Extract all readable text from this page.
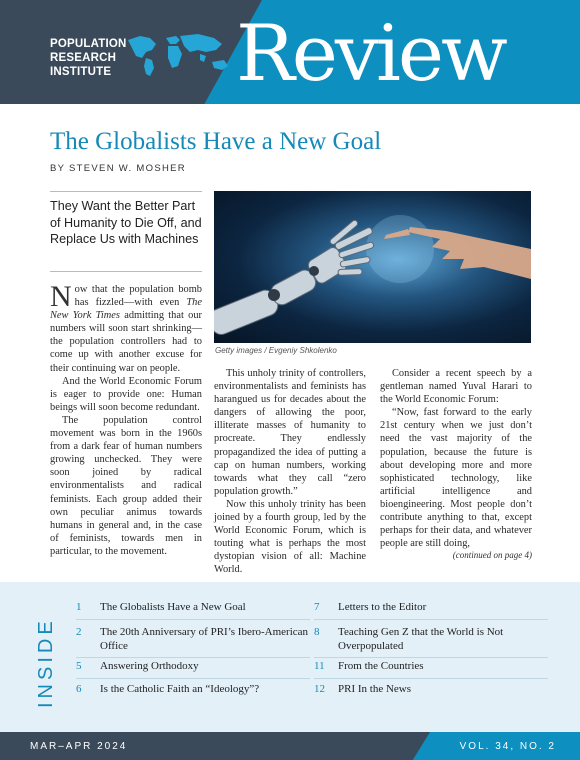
POPULATION
RESEARCH
INSTITUTE	Review
The Globalists Have a New Goal
BY STEVEN W. MOSHER
They Want the Better Part of Humanity to Die Off, and Replace Us with Machines
Getty images / Evgeniy Shkolenko

Now that the population bomb has fizzled—with even The New York Times admitting that our numbers will soon start shrinking—the population controllers had to come up with another excuse for their continuing war on people.

And the World Economic Forum is eager to provide one: Human beings will soon become redundant.

The population control movement was born in the 1960s from a dark fear of human numbers growing unchecked. They were soon joined by radical environmentalists and radical feminists. Each group added their own peculiar animus towards humans in general and, in the case of feminists, towards men in particular, to the movement.

This unholy trinity of controllers, environmentalists and feminists has harangued us for decades about the dangers of allowing the poor, illiterate masses of humanity to procreate. They endlessly propagandized the idea of putting a cap on human numbers, working towards what they call “zero population growth.”

Now this unholy trinity has been joined by a fourth group, led by the World Economic Forum, which is touting what is perhaps the most dystopian vision of all: Machine World.

Consider a recent speech by a gentleman named Yuval Harari to the World Economic Forum:

“Now, fast forward to the early 21st century when we just don’t need the vast majority of the population, because the future is about developing more and more sophisticated technology, like artificial intelligence and bioengineering. Most people don’t contribute anything to that, except perhaps for their data, and whatever people are still doing,

(continued on page 4)
INSIDE
1	The Globalists Have a New Goal
2	The 20th Anniversary of PRI’s Ibero-American Office
5	Answering Orthodoxy
6	Is the Catholic Faith an “Ideology”?
7	Letters to the Editor
8	Teaching Gen Z that the World is Not Overpopulated
11	From the Countries
12	PRI In the News
MAR–APR 2024	VOL. 34, NO. 2
